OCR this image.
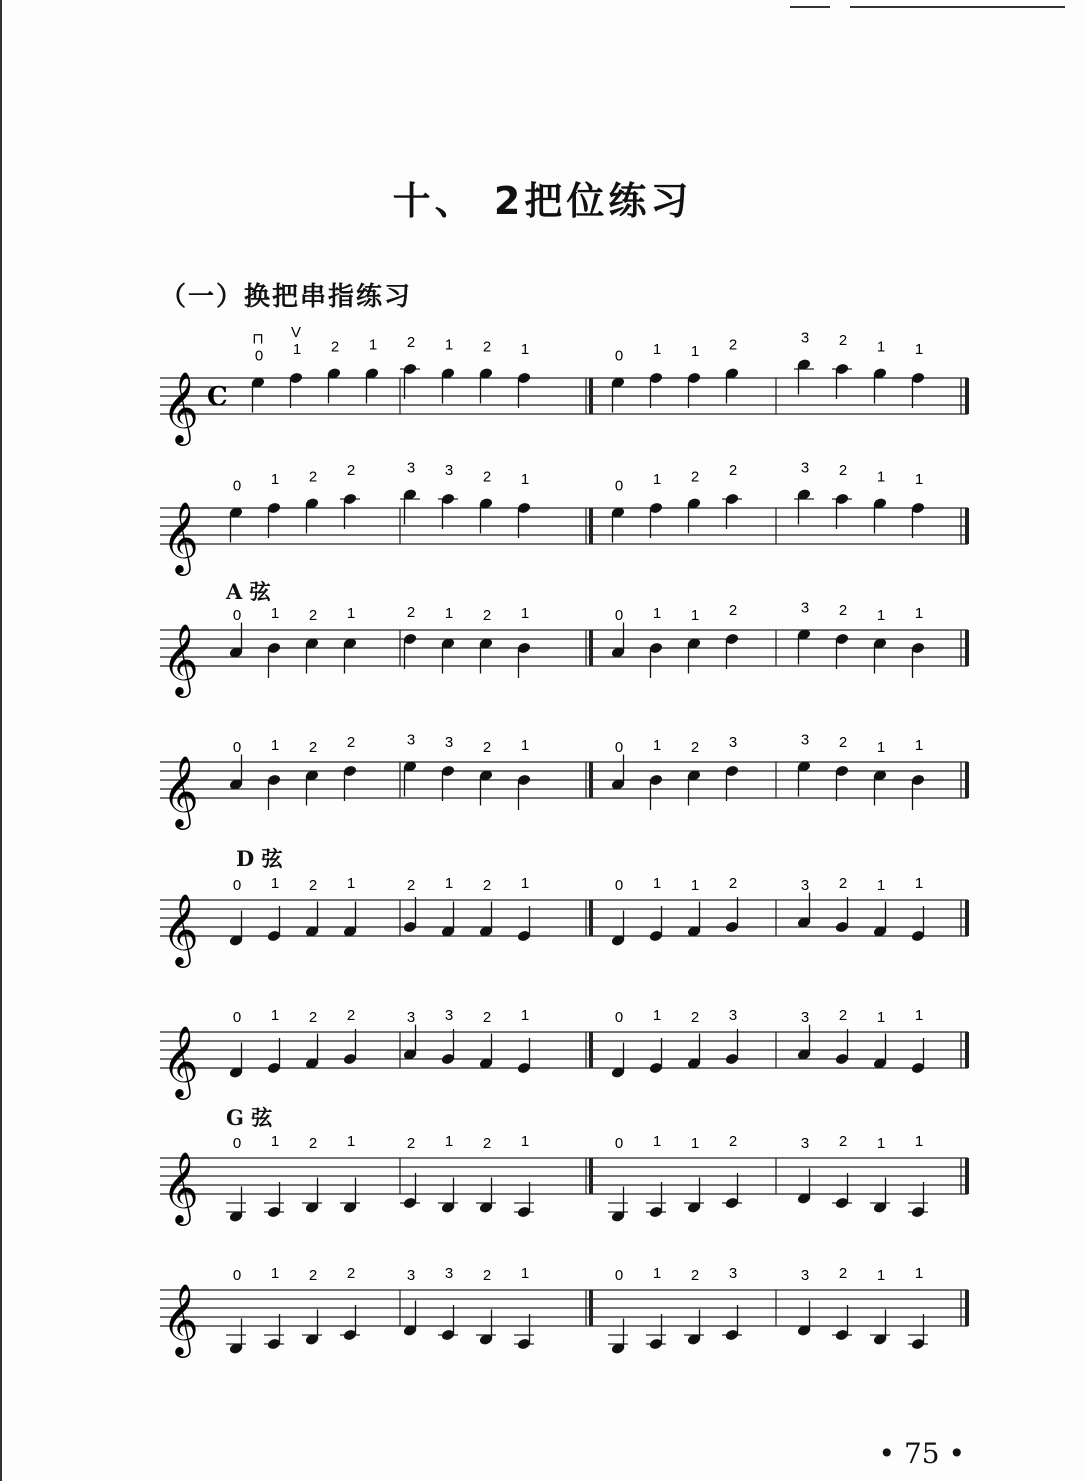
十、 2把位练习
（一）换把串指练习
A 弦
D 弦
G 弦
𝄞 C
0
⊓
1
V
2 1 2 1 2 1	0 1 1 2	3 2 1 1
𝄞
0 1 2 2	3 3 2 1	0 1 2 2	3 2 1 1
𝄞
0 1 2 1	2 1 2 1	0 1 1 2	3 2 1 1
𝄞
0 1 2 2	3 3 2 1	0 1 2 3	3 2 1 1
𝄞
0 1 2 1	2 1 2 1	0 1 1 2	3 2 1 1
𝄞
0 1 2 2	3 3 2 1	0 1 2 3	3 2 1 1
𝄞
0 1 2 1	2 1 2 1	0 1 1 2	3 2 1 1
𝄞
0 1 2 2	3 3 2 1	0 1 2 3	3 2 1 1
• 75 •
